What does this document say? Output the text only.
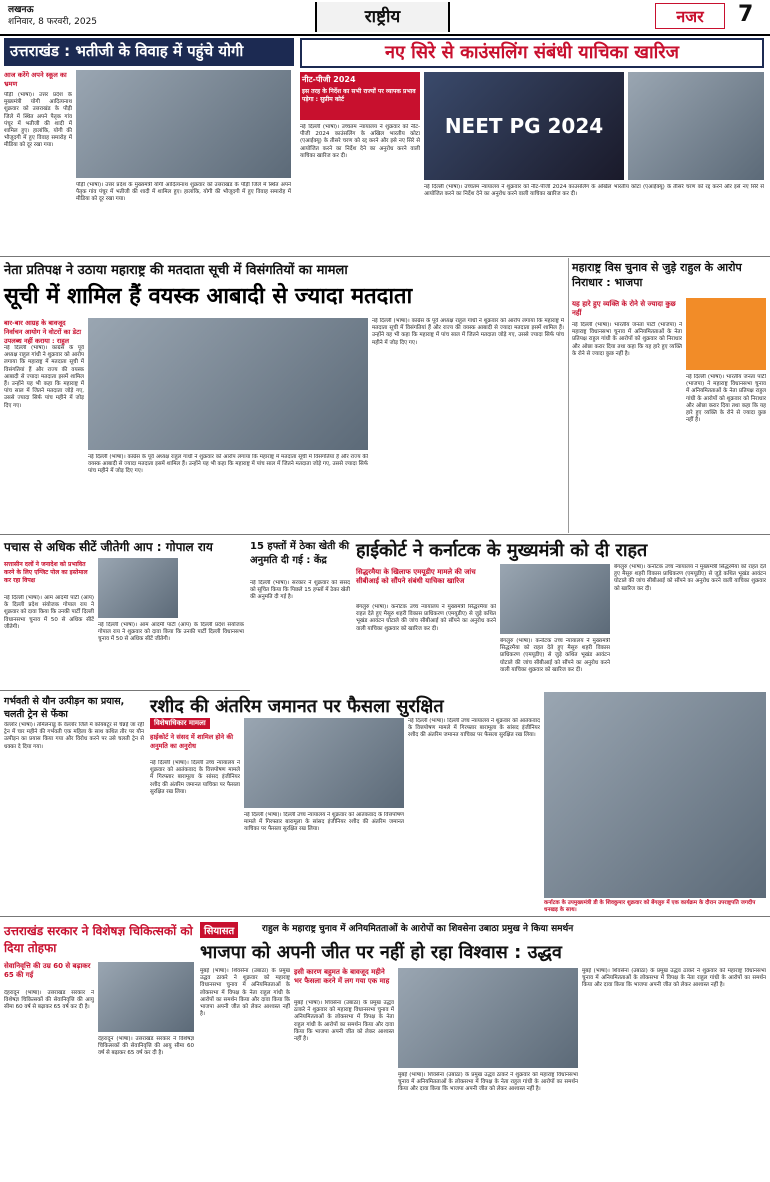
लखनऊ
शनिवार, 8 फरवरी, 2025	राष्ट्रीय	नजर	7
उत्तराखंड : भतीजी के विवाह में पहुंचे योगी
आज करेंगे अपने स्कूल का भ्रमण
पौड़ी (भाषा)। उत्तर प्रदेश के मुख्यमंत्री योगी आदित्यनाथ शुक्रवार को उत्तराखंड के पौड़ी जिले में स्थित अपने पैतृक गांव पंचूर में भतीजी की शादी में शामिल हुए। हालांकि, योगी की भौजूदगी में हुए विवाह समारोह में मीडिया को दूर रखा गया।
पौड़ी (भाषा)। उत्तर प्रदेश के मुख्यमंत्री योगी आदित्यनाथ शुक्रवार को उत्तराखंड के पौड़ी जिले में स्थित अपने पैतृक गांव पंचूर में भतीजी की शादी में शामिल हुए। हालांकि, योगी की भौजूदगी में हुए विवाह समारोह में मीडिया को दूर रखा गया।
नए सिरे से काउंसलिंग संबंधी याचिका खारिज
नीट-पीजी 2024
इस तरह के निर्देश का सभी राज्यों पर व्यापक प्रभाव पड़ेगा : सुप्रीम कोर्ट
नई दिल्ली (भाषा)। उच्चतम न्यायालय ने शुक्रवार को नीट-पीजी 2024 काउंसलिंग के अखिल भारतीय कोटा (एआईक्यू) के तीसरे चरण को रद्द करने और इसे नए सिरे से आयोजित करने का निर्देश देने का अनुरोध करने वाली याचिका खारिज कर दी।
NEET PG 2024
नई दिल्ली (भाषा)। उच्चतम न्यायालय ने शुक्रवार को नीट-पीजी 2024 काउंसलिंग के अखिल भारतीय कोटा (एआईक्यू) के तीसरे चरण को रद्द करने और इसे नए सिरे से आयोजित करने का निर्देश देने का अनुरोध करने वाली याचिका खारिज कर दी।
नेता प्रतिपक्ष ने उठाया महाराष्ट्र की मतदाता सूची में विसंगतियों का मामला
सूची में शामिल हैं वयस्क आबादी से ज्यादा मतदाता
बार-बार आग्रह के बावजूद निर्वाचन आयोग ने वोटरों का डेटा उपलब्ध नहीं कराया : राहुल
नई दिल्ली (भाषा)। कांग्रेस के पूर्व अध्यक्ष राहुल गांधी ने शुक्रवार को आरोप लगाया कि महाराष्ट्र में मतदाता सूची में विसंगतियां हैं और राज्य की वयस्क आबादी से ज्यादा मतदाता इसमें शामिल हैं। उन्होंने यह भी कहा कि महाराष्ट्र में पांच साल में जितने मतदाता जोड़े गए, उससे ज्यादा सिर्फ पांच महीने में जोड़ दिए गए।
नई दिल्ली (भाषा)। कांग्रेस के पूर्व अध्यक्ष राहुल गांधी ने शुक्रवार को आरोप लगाया कि महाराष्ट्र में मतदाता सूची में विसंगतियां हैं और राज्य की वयस्क आबादी से ज्यादा मतदाता इसमें शामिल हैं। उन्होंने यह भी कहा कि महाराष्ट्र में पांच साल में जितने मतदाता जोड़े गए, उससे ज्यादा सिर्फ पांच महीने में जोड़ दिए गए।
नई दिल्ली (भाषा)। कांग्रेस के पूर्व अध्यक्ष राहुल गांधी ने शुक्रवार को आरोप लगाया कि महाराष्ट्र में मतदाता सूची में विसंगतियां हैं और राज्य की वयस्क आबादी से ज्यादा मतदाता इसमें शामिल हैं। उन्होंने यह भी कहा कि महाराष्ट्र में पांच साल में जितने मतदाता जोड़े गए, उससे ज्यादा सिर्फ पांच महीने में जोड़ दिए गए।
महाराष्ट्र विस चुनाव से जुड़े राहुल के आरोप निराधार : भाजपा
यह हारे हुए व्यक्ति के रोने से ज्यादा कुछ नहीं
नई दिल्ली (भाषा)। भारतीय जनता पार्टी (भाजपा) ने महाराष्ट्र विधानसभा चुनाव में अनियमितताओं के नेता प्रतिपक्ष राहुल गांधी के आरोपों को शुक्रवार को निराधार और ओछा करार दिया तथा कहा कि यह हारे हुए व्यक्ति के रोने से ज्यादा कुछ नहीं है।
नई दिल्ली (भाषा)। भारतीय जनता पार्टी (भाजपा) ने महाराष्ट्र विधानसभा चुनाव में अनियमितताओं के नेता प्रतिपक्ष राहुल गांधी के आरोपों को शुक्रवार को निराधार और ओछा करार दिया तथा कहा कि यह हारे हुए व्यक्ति के रोने से ज्यादा कुछ नहीं है।
पचास से अधिक सीटें जीतेगी आप : गोपाल राय
सत्तासीन दलों ने जनादेश को प्रभावित करने के लिए एग्जिट पोल का इस्तेमाल कर रहा विपक्ष
नई दिल्ली (भाषा)। आम आदमी पार्टी (आप) के दिल्ली प्रदेश संयोजक गोपाल राय ने शुक्रवार को दावा किया कि उनकी पार्टी दिल्ली विधानसभा चुनाव में 50 से अधिक सीटें जीतेगी।	नई दिल्ली (भाषा)। आम आदमी पार्टी (आप) के दिल्ली प्रदेश संयोजक गोपाल राय ने शुक्रवार को दावा किया कि उनकी पार्टी दिल्ली विधानसभा चुनाव में 50 से अधिक सीटें जीतेगी।
15 हफ्तों में ठेका खेती की अनुमति दी गई : केंद्र
नई दिल्ली (भाषा)। सरकार ने शुक्रवार को संसद को सूचित किया कि पिछले 15 हफ्तों में ठेका खेती की अनुमति दी गई है।
हाईकोर्ट ने कर्नाटक के मुख्यमंत्री को दी राहत
सिद्धरमैया के खिलाफ एमयूडीए मामले की जांच सीबीआई को सौंपने संबंधी याचिका खारिज
बेंगलुरु (भाषा)। कर्नाटक उच्च न्यायालय ने मुख्यमंत्री सिद्धरमैया को राहत देते हुए मैसूरु शहरी विकास प्राधिकरण (एमयूडीए) से जुड़े कथित भूखंड आवंटन घोटाले की जांच सीबीआई को सौंपने का अनुरोध करने वाली याचिका शुक्रवार को खारिज कर दी।
बेंगलुरु (भाषा)। कर्नाटक उच्च न्यायालय ने मुख्यमंत्री सिद्धरमैया को राहत देते हुए मैसूरु शहरी विकास प्राधिकरण (एमयूडीए) से जुड़े कथित भूखंड आवंटन घोटाले की जांच सीबीआई को सौंपने का अनुरोध करने वाली याचिका शुक्रवार को खारिज कर दी।
बेंगलुरु (भाषा)। कर्नाटक उच्च न्यायालय ने मुख्यमंत्री सिद्धरमैया को राहत देते हुए मैसूरु शहरी विकास प्राधिकरण (एमयूडीए) से जुड़े कथित भूखंड आवंटन घोटाले की जांच सीबीआई को सौंपने का अनुरोध करने वाली याचिका शुक्रवार को खारिज कर दी।
गर्भवती से यौन उत्पीड़न का प्रयास, चलती ट्रेन से फेंका
वेल्लोर (भाषा)। तमिलनाडु के वेल्लोर जिले में कोयंबटूर से चेन्नई जा रही ट्रेन में चार महीने की गर्भवती एक महिला के साथ कथित तौर पर यौन उत्पीड़न का प्रयास किया गया और विरोध करने पर उसे चलती ट्रेन से धक्का दे दिया गया।
रशीद की अंतरिम जमानत पर फैसला सुरक्षित
विशेषाधिकार मामला
हाईकोर्ट ने संसद में शामिल होने की अनुमति का अनुरोध
नई दिल्ली (भाषा)। दिल्ली उच्च न्यायालय ने शुक्रवार को आतंकवाद के वित्तपोषण मामले में गिरफ्तार बारामूला के सांसद इंजीनियर रशीद की अंतरिम जमानत याचिका पर फैसला सुरक्षित रख लिया।
नई दिल्ली (भाषा)। दिल्ली उच्च न्यायालय ने शुक्रवार को आतंकवाद के वित्तपोषण मामले में गिरफ्तार बारामूला के सांसद इंजीनियर रशीद की अंतरिम जमानत याचिका पर फैसला सुरक्षित रख लिया।
नई दिल्ली (भाषा)। दिल्ली उच्च न्यायालय ने शुक्रवार को आतंकवाद के वित्तपोषण मामले में गिरफ्तार बारामूला के सांसद इंजीनियर रशीद की अंतरिम जमानत याचिका पर फैसला सुरक्षित रख लिया।
कर्नाटक के उपमुख्यमंत्री डी के शिवकुमार शुक्रवार को बेंगलुरु में एक कार्यक्रम के दौरान उपराष्ट्रपति जगदीप धनखड़ के साथ।
सियासत	राहुल के महाराष्ट्र चुनाव में अनियमितताओं के आरोपों का शिवसेना उबाठा प्रमुख ने किया समर्थन
भाजपा को अपनी जीत पर नहीं हो रहा विश्वास : उद्धव
मुंबई (भाषा)। शिवसेना (उबाठा) के प्रमुख उद्धव ठाकरे ने शुक्रवार को महाराष्ट्र विधानसभा चुनाव में अनियमितताओं के लोकसभा में विपक्ष के नेता राहुल गांधी के आरोपों का समर्थन किया और दावा किया कि भाजपा अपनी जीत को लेकर आश्वस्त नहीं है।
इसी कारण बहुमत के बावजूद महीने भर फैसला करने में लग गया एक माह
मुंबई (भाषा)। शिवसेना (उबाठा) के प्रमुख उद्धव ठाकरे ने शुक्रवार को महाराष्ट्र विधानसभा चुनाव में अनियमितताओं के लोकसभा में विपक्ष के नेता राहुल गांधी के आरोपों का समर्थन किया और दावा किया कि भाजपा अपनी जीत को लेकर आश्वस्त नहीं है।
मुंबई (भाषा)। शिवसेना (उबाठा) के प्रमुख उद्धव ठाकरे ने शुक्रवार को महाराष्ट्र विधानसभा चुनाव में अनियमितताओं के लोकसभा में विपक्ष के नेता राहुल गांधी के आरोपों का समर्थन किया और दावा किया कि भाजपा अपनी जीत को लेकर आश्वस्त नहीं है।
मुंबई (भाषा)। शिवसेना (उबाठा) के प्रमुख उद्धव ठाकरे ने शुक्रवार को महाराष्ट्र विधानसभा चुनाव में अनियमितताओं के लोकसभा में विपक्ष के नेता राहुल गांधी के आरोपों का समर्थन किया और दावा किया कि भाजपा अपनी जीत को लेकर आश्वस्त नहीं है।
उत्तराखंड सरकार ने विशेषज्ञ चिकित्सकों को दिया तोहफा
सेवानिवृत्ति की उम्र 60 से बढ़ाकर 65 की गई
देहरादून (भाषा)। उत्तराखंड सरकार ने विशेषज्ञ चिकित्सकों की सेवानिवृत्ति की आयु सीमा 60 वर्ष से बढ़ाकर 65 वर्ष कर दी है।
देहरादून (भाषा)। उत्तराखंड सरकार ने विशेषज्ञ चिकित्सकों की सेवानिवृत्ति की आयु सीमा 60 वर्ष से बढ़ाकर 65 वर्ष कर दी है।
